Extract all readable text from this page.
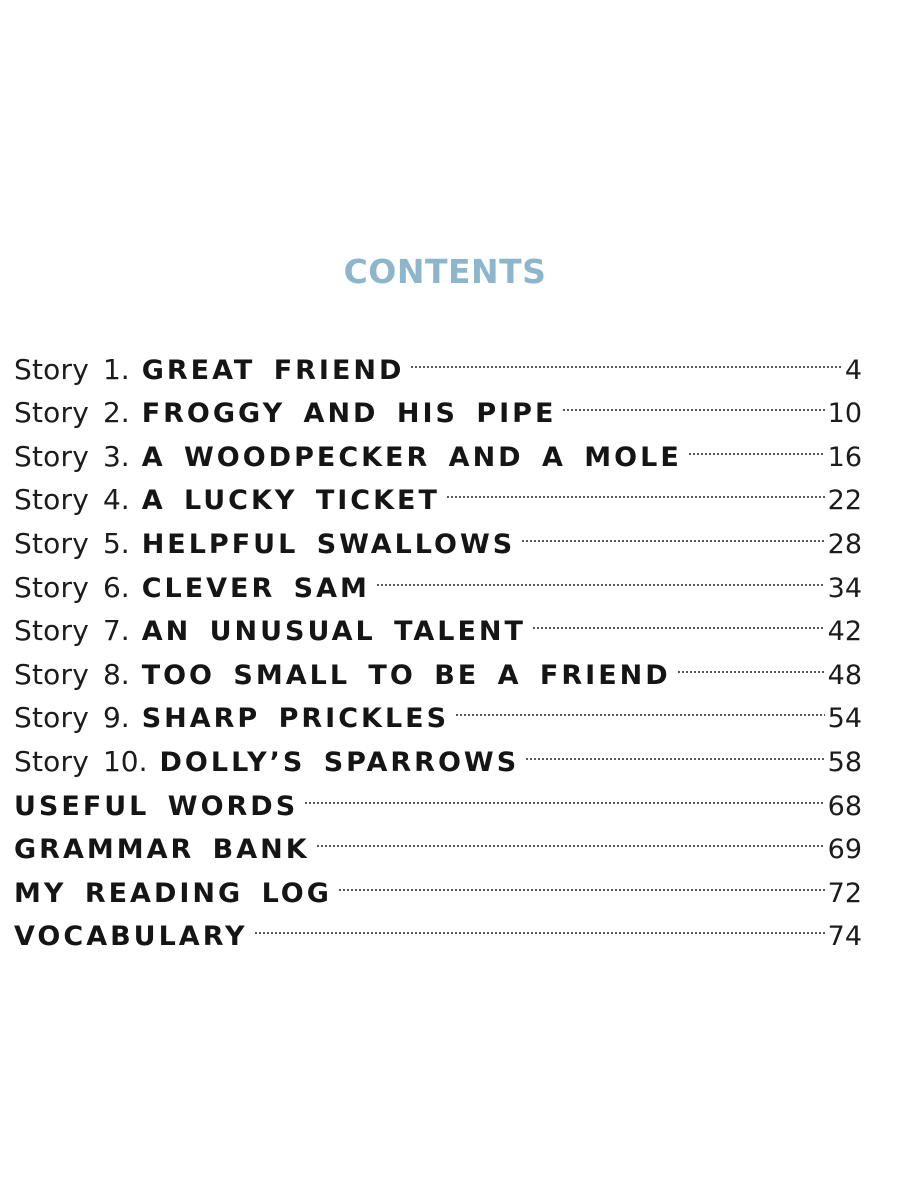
CONTENTS
Story 1. GREAT FRIEND	4
Story 2. FROGGY AND HIS PIPE	10
Story 3. A WOODPECKER AND A MOLE	16
Story 4. A LUCKY TICKET	22
Story 5. HELPFUL SWALLOWS	28
Story 6. CLEVER SAM	34
Story 7. AN UNUSUAL TALENT	42
Story 8. TOO SMALL TO BE A FRIEND	48
Story 9. SHARP PRICKLES	54
Story 10. DOLLY’S SPARROWS	58
USEFUL WORDS	68
GRAMMAR BANK	69
MY READING LOG	72
VOCABULARY	74
